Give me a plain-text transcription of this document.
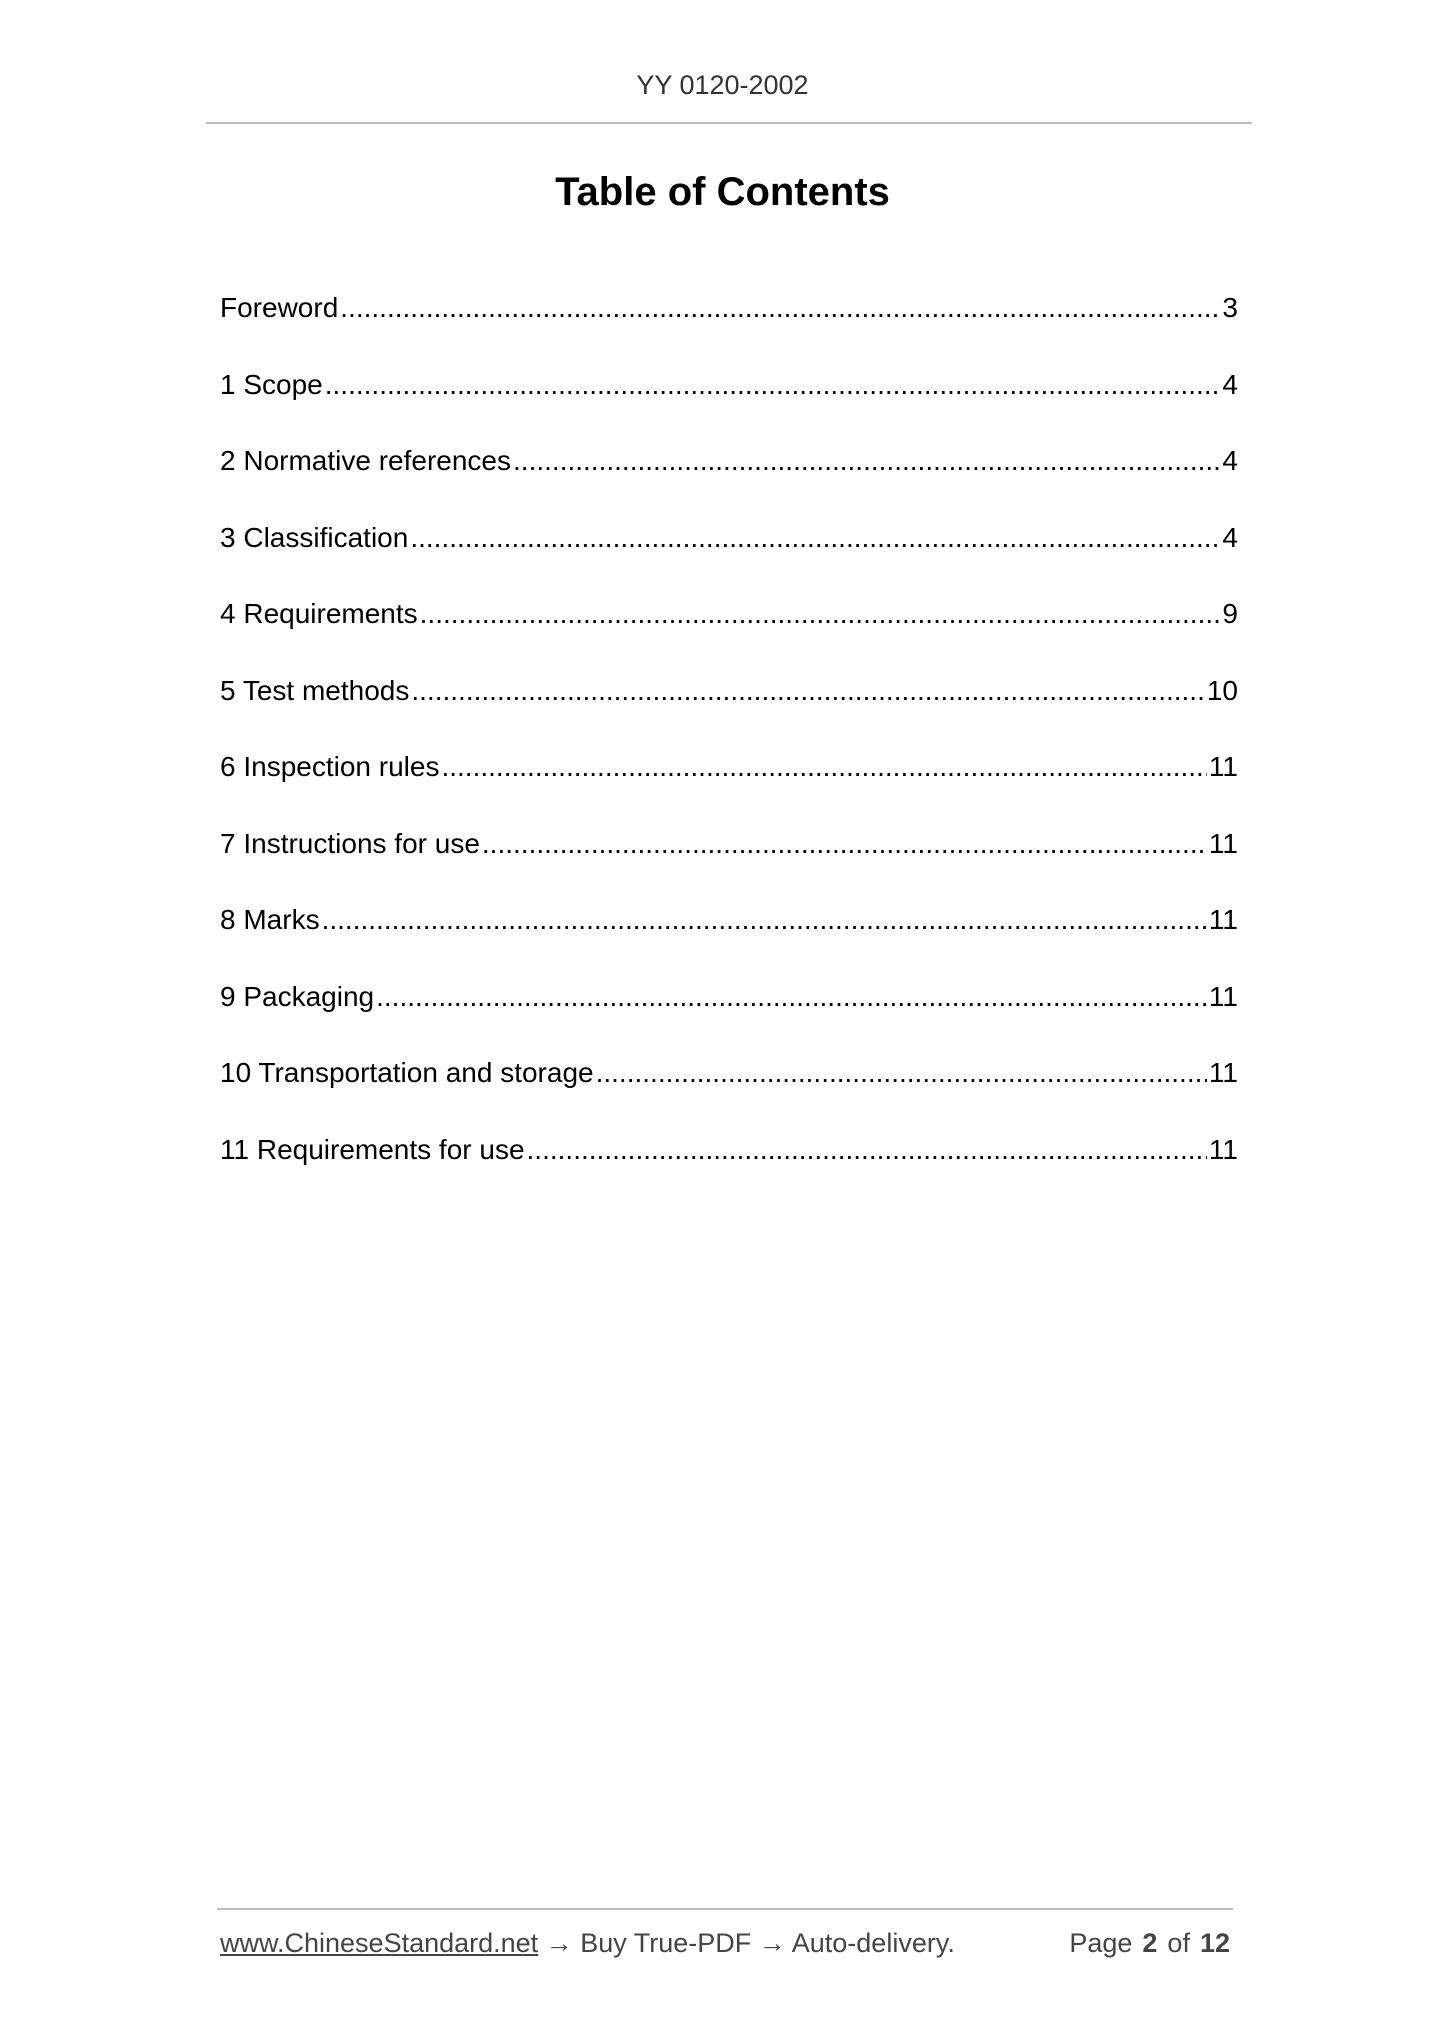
YY 0120-2002
Table of Contents
Foreword .....	3
1 Scope .....	4
2 Normative references .....	4
3 Classification .....	4
4 Requirements .....	9
5 Test methods .....	10
6 Inspection rules .....	11
7 Instructions for use .....	11
8 Marks .....	11
9 Packaging .....	11
10 Transportation and storage .....	11
11 Requirements for use .....	11
www.ChineseStandard.net → Buy True-PDF → Auto-delivery.	Page 2 of 12
